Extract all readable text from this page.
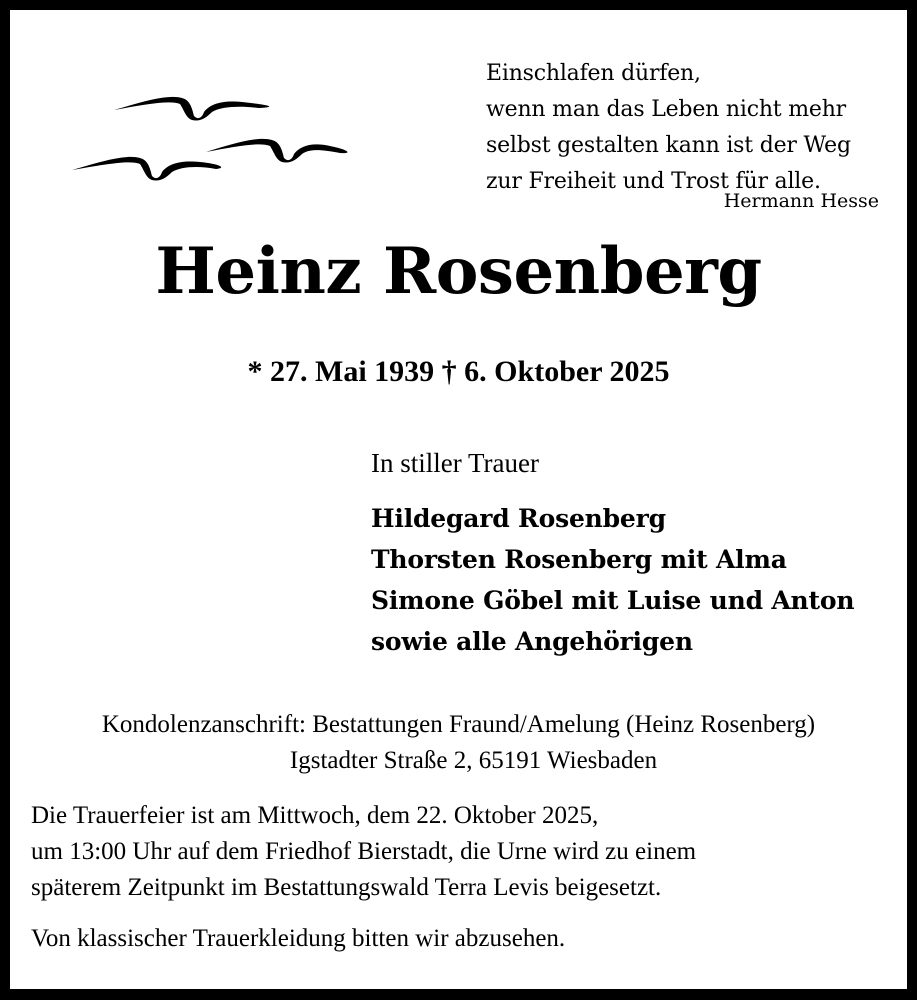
Einschlafen dürfen,
wenn man das Leben nicht mehr
selbst gestalten kann ist der Weg
zur Freiheit und Trost für alle.
Hermann Hesse
Heinz Rosenberg
* 27. Mai 1939 † 6. Oktober 2025
In stiller Trauer
Hildegard Rosenberg
Thorsten Rosenberg mit Alma
Simone Göbel mit Luise und Anton
sowie alle Angehörigen
Kondolenzanschrift: Bestattungen Fraund/Amelung (Heinz Rosenberg)
Igstadter Straße 2, 65191 Wiesbaden
Die Trauerfeier ist am Mittwoch, dem 22. Oktober 2025,
um 13:00 Uhr auf dem Friedhof Bierstadt, die Urne wird zu einem
späterem Zeitpunkt im Bestattungswald Terra Levis beigesetzt.
Von klassischer Trauerkleidung bitten wir abzusehen.
